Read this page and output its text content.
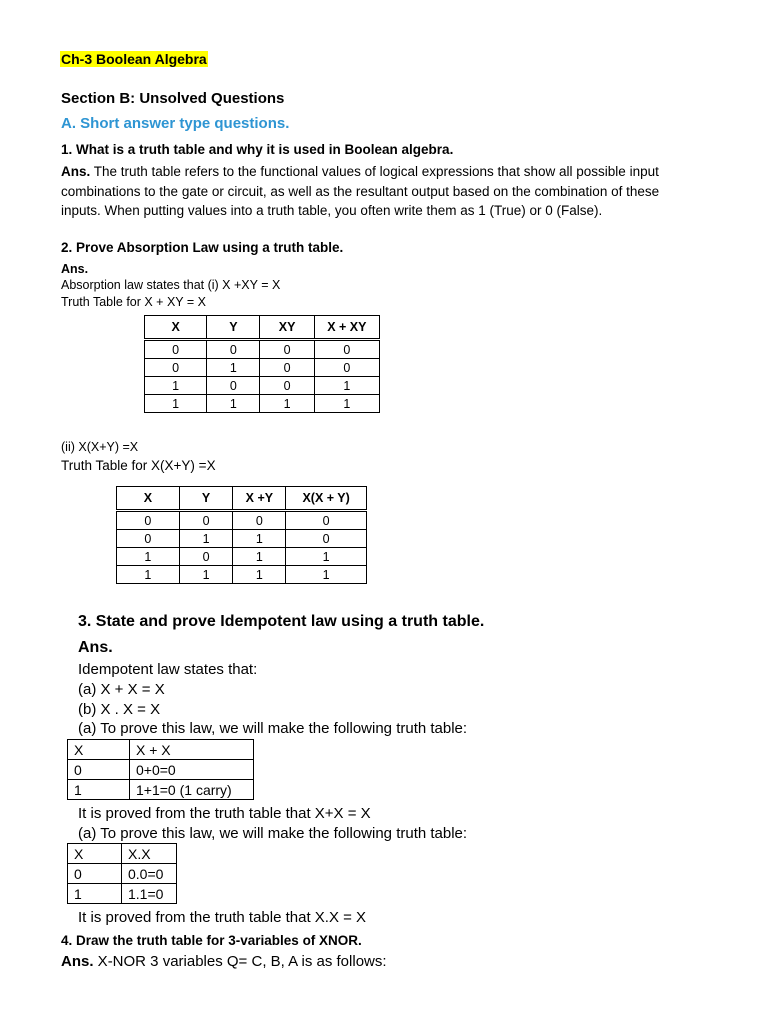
Ch-3 Boolean Algebra
Section B: Unsolved Questions
A. Short answer type questions.
1. What is a truth table and why it is used in Boolean algebra.
Ans. The truth table refers to the functional values of logical expressions that show all possible input combinations to the gate or circuit, as well as the resultant output based on the combination of these inputs. When putting values into a truth table, you often write them as 1 (True) or 0 (False).
2. Prove Absorption Law using a truth table.
Ans.
Absorption law states that (i) X +XY = X
Truth Table for X + XY = X
X	Y	XY	X + XY
0	0	0	0
0	1	0	0
1	0	0	1
1	1	1	1
(ii) X(X+Y) =X
Truth Table for X(X+Y) =X
X	Y	X +Y	X(X + Y)
0	0	0	0
0	1	1	0
1	0	1	1
1	1	1	1
3. State and prove Idempotent law using a truth table.
Ans.
Idempotent law states that:
(a) X + X = X
(b) X . X = X
(a) To prove this law, we will make the following truth table:
X	X + X
0	0+0=0
1	1+1=0 (1 carry)
It is proved from the truth table that X+X = X
(a) To prove this law, we will make the following truth table:
X	X.X
0	0.0=0
1	1.1=0
It is proved from the truth table that X.X = X
4. Draw the truth table for 3-variables of XNOR.
Ans. X-NOR 3 variables Q= C, B, A is as follows:
